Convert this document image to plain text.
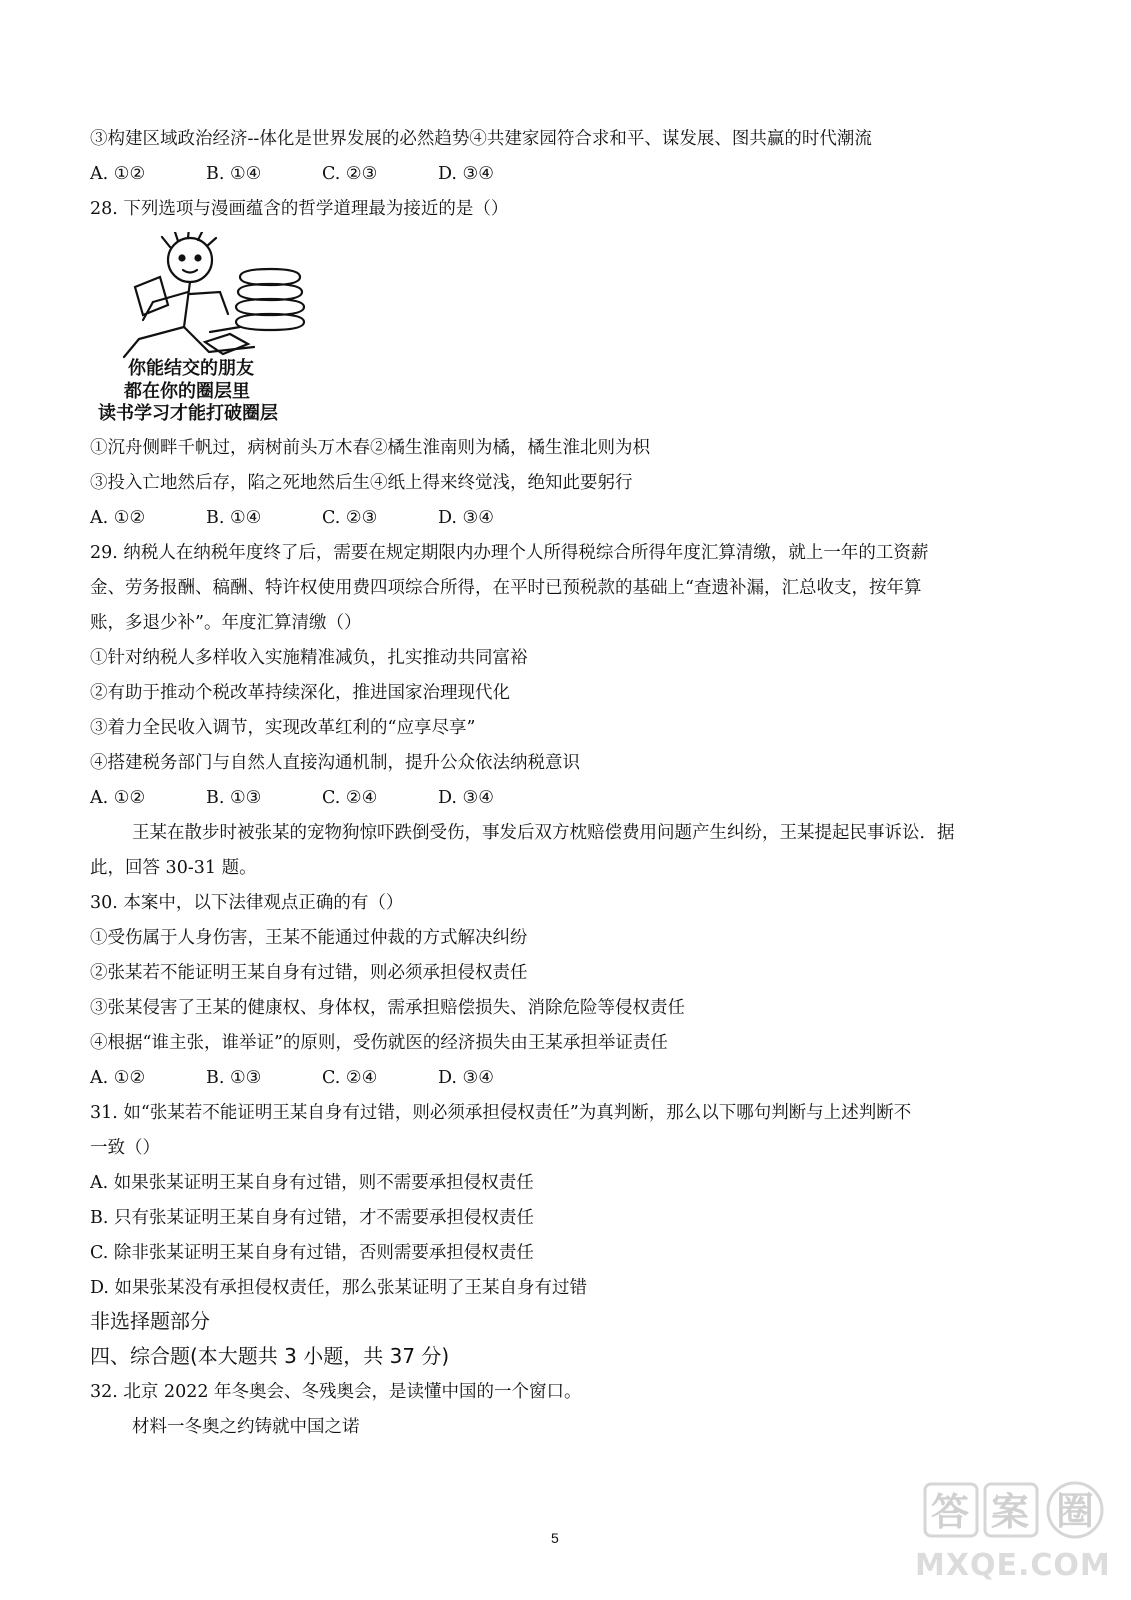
③构建区域政治经济--体化是世界发展的必然趋势④共建家园符合求和平、谋发展、图共赢的时代潮流
A. ①②	B. ①④	C. ②③	D. ③④
28. 下列选项与漫画蕴含的哲学道理最为接近的是（）
你能结交的朋友
都在你的圈层里
读书学习才能打破圈层
①沉舟侧畔千帆过，病树前头万木春②橘生淮南则为橘，橘生淮北则为枳
③投入亡地然后存，陷之死地然后生④纸上得来终觉浅，绝知此要躬行
A. ①②	B. ①④	C. ②③	D. ③④
29. 纳税人在纳税年度终了后，需要在规定期限内办理个人所得税综合所得年度汇算清缴，就上一年的工资薪
金、劳务报酬、稿酬、特许权使用费四项综合所得，在平时已预税款的基础上“查遗补漏，汇总收支，按年算
账，多退少补”。年度汇算清缴（）
①针对纳税人多样收入实施精准减负，扎实推动共同富裕
②有助于推动个税改革持续深化，推进国家治理现代化
③着力全民收入调节，实现改革红利的“应享尽享”
④搭建税务部门与自然人直接沟通机制，提升公众依法纳税意识
A. ①②	B. ①③	C. ②④	D. ③④
王某在散步时被张某的宠物狗惊吓跌倒受伤，事发后双方枕赔偿费用问题产生纠纷，王某提起民事诉讼．据
此，回答 30-31 题。
30. 本案中，以下法律观点正确的有（）
①受伤属于人身伤害，王某不能通过仲裁的方式解决纠纷
②张某若不能证明王某自身有过错，则必须承担侵权责任
③张某侵害了王某的健康权、身体权，需承担赔偿损失、消除危险等侵权责任
④根据“谁主张，谁举证”的原则，受伤就医的经济损失由王某承担举证责任
A. ①②	B. ①③	C. ②④	D. ③④
31. 如“张某若不能证明王某自身有过错，则必须承担侵权责任”为真判断，那么以下哪句判断与上述判断不
一致（）
A. 如果张某证明王某自身有过错，则不需要承担侵权责任
B. 只有张某证明王某自身有过错，才不需要承担侵权责任
C. 除非张某证明王某自身有过错，否则需要承担侵权责任
D. 如果张某没有承担侵权责任，那么张某证明了王某自身有过错
非选择题部分
四、综合题(本大题共 3 小题，共 37 分)
32. 北京 2022 年冬奥会、冬残奥会，是读懂中国的一个窗口。
材料一冬奥之约铸就中国之诺
5
答 案 圈
MXQE.COM
